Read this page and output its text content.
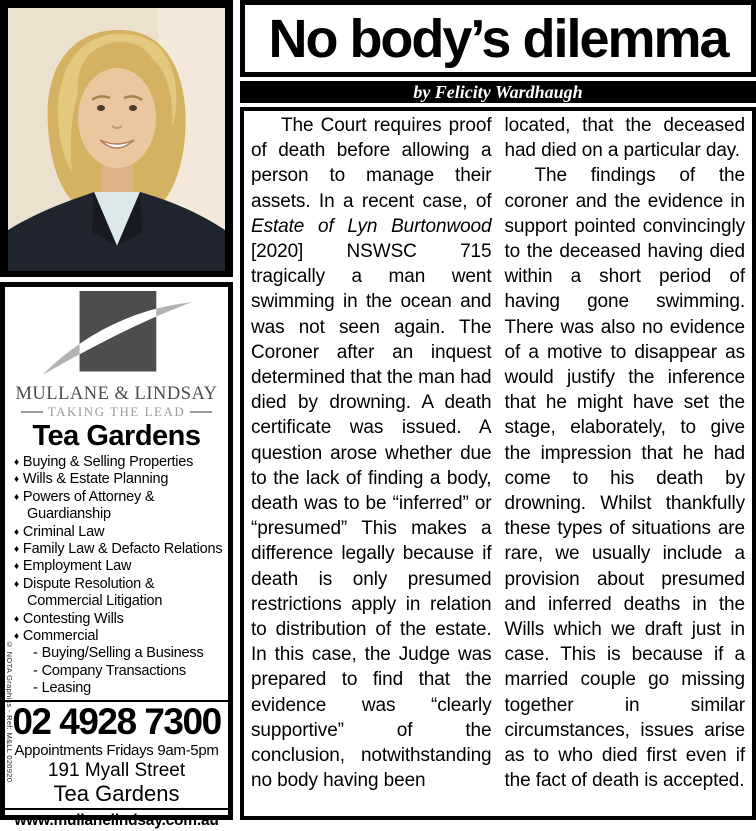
MULLANE & LINDSAY
TAKING THE LEAD
Tea Gardens
♦ Buying & Selling Properties
♦ Wills & Estate Planning
♦ Powers of Attorney & Guardianship
♦ Criminal Law
♦ Family Law & Defacto Relations
♦ Employment Law
♦ Dispute Resolution & Commercial Litigation
♦ Contesting Wills
♦ Commercial
- Buying/Selling a Business
- Company Transactions
- Leasing
02 4928 7300
Appointments Fridays 9am-5pm
191 Myall Street
Tea Gardens
www.mullanelindsay.com.au
© NOTA Graphics - Ref: M&LL 020920
No body’s dilemma
by Felicity Wardhaugh

The Court requires proof of death before allowing a person to manage their assets. In a recent case, of Estate of Lyn Burtonwood [2020] NSWSC 715 tragically a man went swimming in the ocean and was not seen again. The Coroner after an inquest determined that the man had died by drowning. A death certificate was issued. A question arose whether due to the lack of finding a body, death was to be “inferred” or “presumed” This makes a difference legally because if death is only presumed restrictions apply in relation to distribution of the estate. In this case, the Judge was prepared to find that the evidence was “clearly supportive” of the conclusion, notwithstanding no body having been

located, that the deceased had died on a particular day.

The findings of the coroner and the evidence in support pointed convincingly to the deceased having died within a short period of having gone swimming. There was also no evidence of a motive to disappear as would justify the inference that he might have set the stage, elaborately, to give the impression that he had come to his death by drowning. Whilst thankfully these types of situations are rare, we usually include a provision about presumed and inferred deaths in the Wills which we draft just in case. This is because if a married couple go missing together in similar circumstances, issues arise as to who died first even if the fact of death is accepted.
